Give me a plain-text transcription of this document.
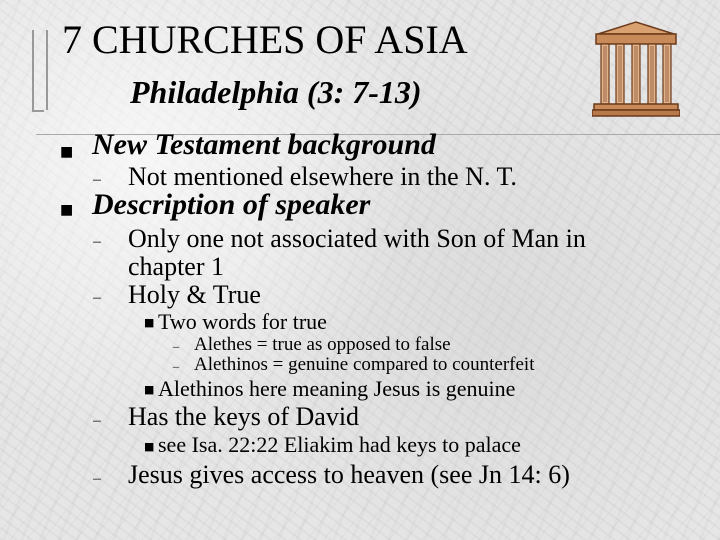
7 CHURCHES OF ASIA
Philadelphia (3: 7-13)
■ New Testament background
– Not mentioned elsewhere in the N. T.
■ Description of speaker
– Only one not associated with Son of Man in
chapter 1
– Holy & True
■ Two words for true
– Alethes = true as opposed to false
– Alethinos = genuine compared to counterfeit
■ Alethinos here meaning Jesus is genuine
– Has the keys of David
■ see Isa. 22:22 Eliakim had keys to palace
– Jesus gives access to heaven (see Jn 14: 6)
